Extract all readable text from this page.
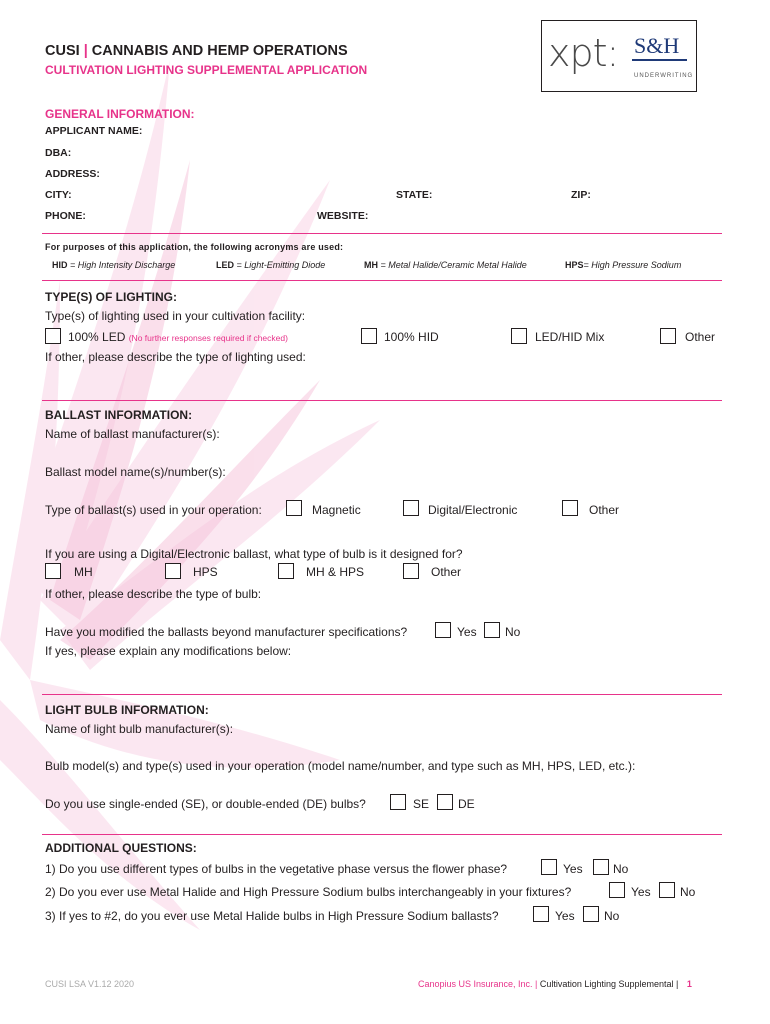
CUSI | CANNABIS AND HEMP OPERATIONS
CULTIVATION LIGHTING SUPPLEMENTAL APPLICATION	xpt: S&H
UNDERWRITING
GENERAL INFORMATION:
APPLICANT NAME:
DBA:
ADDRESS:
CITY:	STATE:	ZIP:
PHONE:	WEBSITE:
For purposes of this application, the following acronyms are used:
HID = High Intensity Discharge	LED = Light-Emitting Diode	MH = Metal Halide/Ceramic Metal Halide	HPS= High Pressure Sodium
TYPE(S) OF LIGHTING:
Type(s) of lighting used in your cultivation facility:
100% LED (No further responses required if checked)	100% HID	LED/HID Mix	Other
If other, please describe the type of lighting used:
BALLAST INFORMATION:
Name of ballast manufacturer(s):
Ballast model name(s)/number(s):
Type of ballast(s) used in your operation:	Magnetic	Digital/Electronic	Other
If you are using a Digital/Electronic ballast, what type of bulb is it designed for?
MH	HPS	MH & HPS	Other
If other, please describe the type of bulb:
Have you modified the ballasts beyond manufacturer specifications?	Yes No
If yes, please explain any modifications below:
LIGHT BULB INFORMATION:
Name of light bulb manufacturer(s):
Bulb model(s) and type(s) used in your operation (model name/number, and type such as MH, HPS, LED, etc.):
Do you use single-ended (SE), or double-ended (DE) bulbs?	SE DE
ADDITIONAL QUESTIONS:
1) Do you use different types of bulbs in the vegetative phase versus the flower phase?	Yes	No
2) Do you ever use Metal Halide and High Pressure Sodium bulbs interchangeably in your fixtures?	Yes No
3) If yes to #2, do you ever use Metal Halide bulbs in High Pressure Sodium ballasts?	Yes No
CUSI LSA V1.12 2020	Canopius US Insurance, Inc. | Cultivation Lighting Supplemental | 1
